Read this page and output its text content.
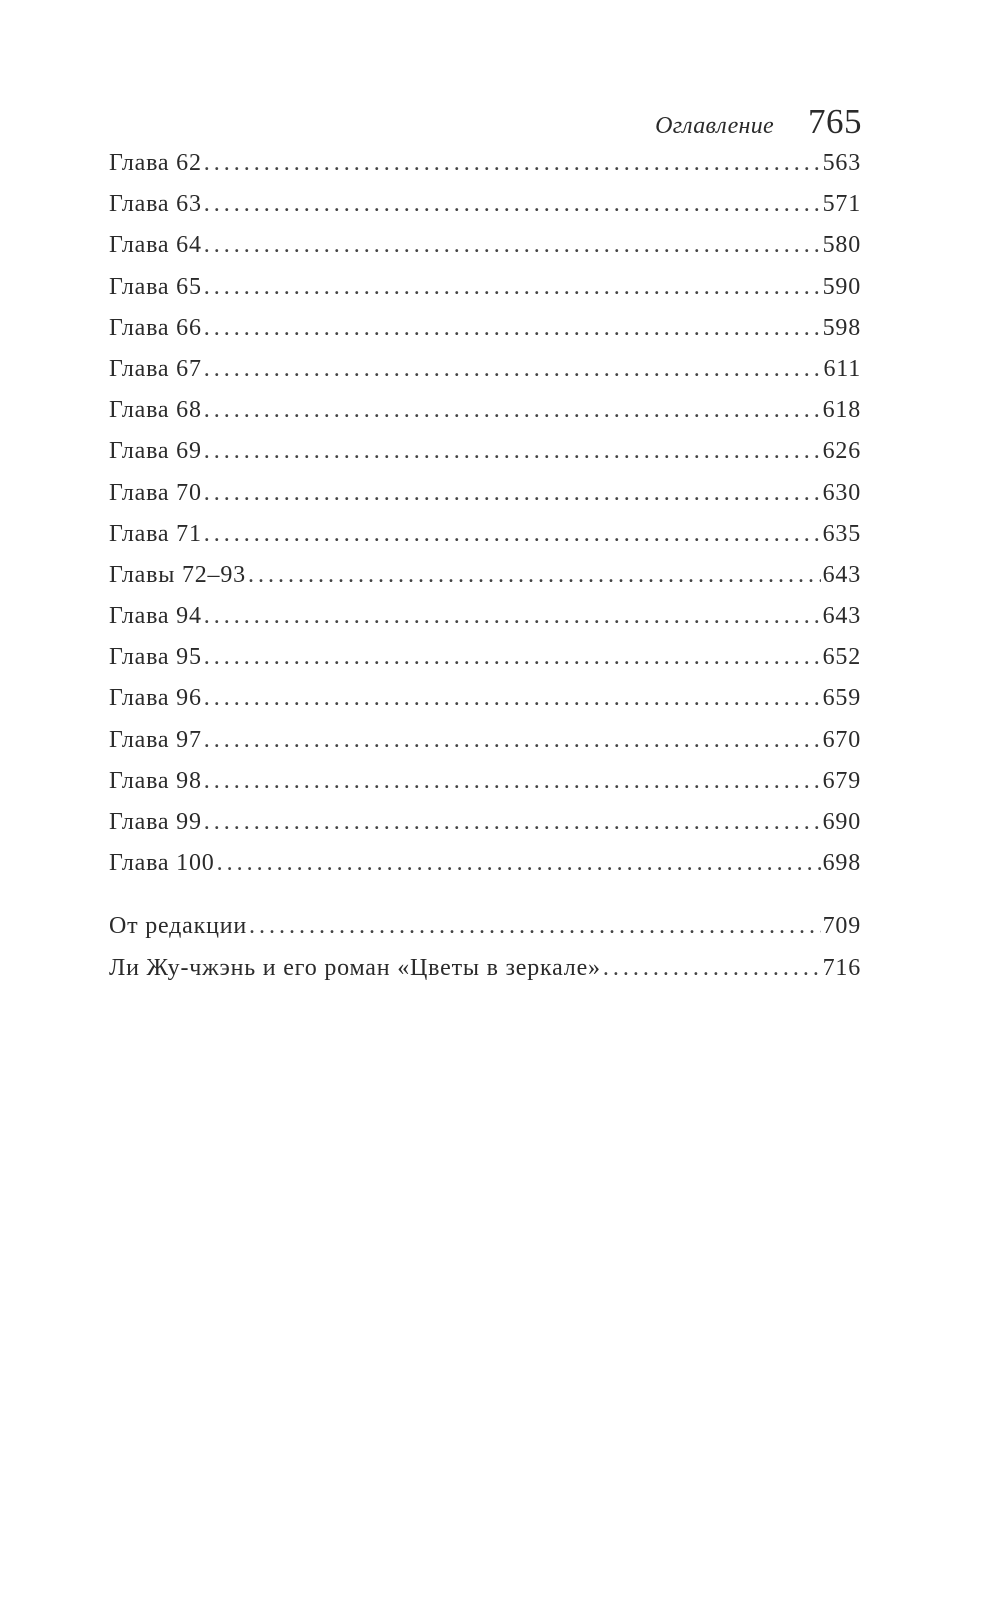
Оглавление 765
Глава 62 . . .	563
Глава 63 . . .	571
Глава 64 . . .	580
Глава 65 . . .	590
Глава 66 . . .	598
Глава 67 . . .	611
Глава 68 . . .	618
Глава 69 . . .	626
Глава 70 . . .	630
Глава 71 . . .	635
Главы 72–93 . . .	643
Глава 94 . . .	643
Глава 95 . . .	652
Глава 96 . . .	659
Глава 97 . . .	670
Глава 98 . . .	679
Глава 99 . . .	690
Глава 100 . . .	698
От редакции . . .	709
Ли Жу-чжэнь и его роман «Цветы в зеркале» . . .	716
